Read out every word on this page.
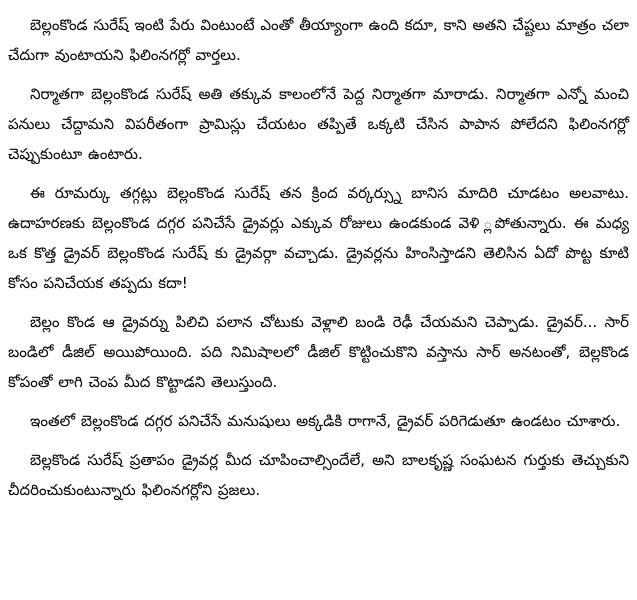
బెల్లంకొండ సురేష్ ఇంటి పేరు వింటుంటే ఎంతో తీయ్యాంగా ఉంది కదూ, కాని అతని చేష్టలు మాత్రం చలా చేదుగా వుంటాయని ఫిలింనగర్లో వార్తలు.

నిర్మాతగా బెల్లంకొండ సురేష్ అతి తక్కువ కాలంలోనే పెద్ద నిర్మాతగా మారాడు. నిర్మాతగా ఎన్నో మంచి పనులు చేద్దామని విపరీతంగా ప్రామిస్లు చేయటం తప్పితే ఒక్కటి చేసిన పాపాన పోలేదని ఫిలింనగర్లో చెప్పుకుంటూ ఉంటారు.

ఈ రూమర్కు తగ్గట్లు బెల్లంకొండ సురేష్ తన క్రింద వర్కర్స్ను బానిస మాదిరి చూడటం అలవాటు. ఉదాహరణకు బెల్లంకొండ దగ్గర పనిచేసే డ్రైవర్లు ఎక్కువ రోజులు ఉండకుండ వెళి ్లపోతున్నారు. ఈ మధ్య ఒక కొత్త డ్రైవర్ బెల్లంకొండ సురేష్ కు డ్రైవర్గా వచ్చాడు. డ్రైవర్లను హింసిస్తాడని తెలిసిన ఏదో పొట్ట కూటి కోసం పనిచేయక తప్పదు కదా!

బెల్లం కొండ ఆ డ్రైవర్ను పిలిచి పలాన చోటుకు వెళ్లాలి బండి రెఢీ చేయమని చెప్పాడు. డ్రైవర్... సార్ బండిలో డీజిల్ అయిపోయింది. పది నిమిషాలలో డీజిల్ కొట్టించుకొని వస్తాను సార్ అనటంతో, బెల్లకొండ కోపంతో లాగి చెంప మీద కొట్టాడని తెలుస్తుంది.

ఇంతలో బెల్లంకొండ దగ్గర పనిచేసే మనుషులు అక్కడికి రాగానే, డ్రైవర్ పరిగెడుతూ ఉండటం చూశారు.

బెల్లకొండ సురేష్ ప్రతాపం డ్రైవర్ల మీద చూపించాల్సిందేలే, అని బాలకృష్ణ సంఘటన గుర్తుకు తెచ్చుకుని చీదరించుకుంటున్నారు ఫిలింనగర్లోని ప్రజలు.
